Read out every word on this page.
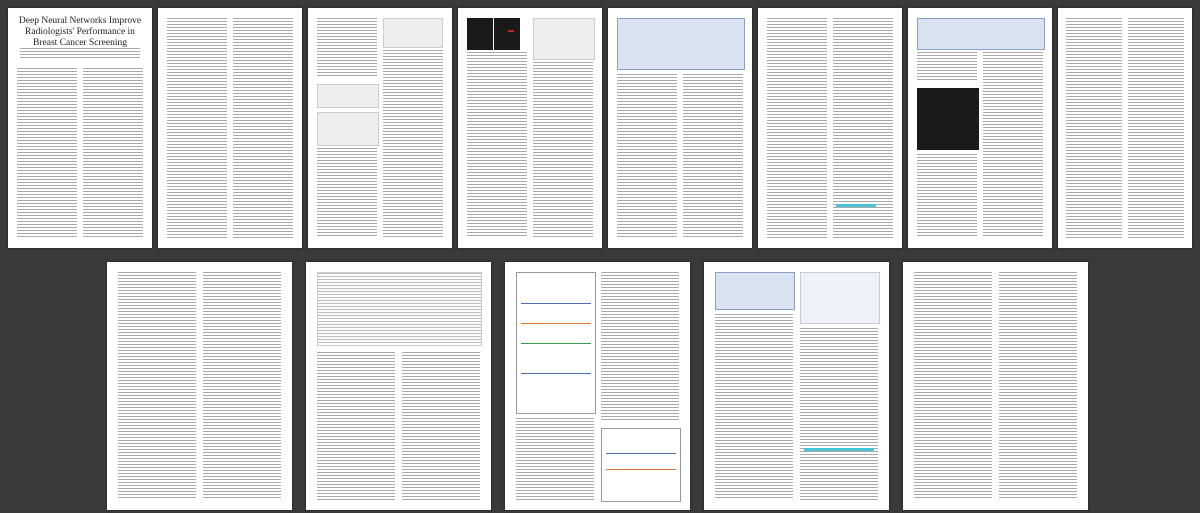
Deep Neural Networks Improve Radiologists' Performance in Breast Cancer Screening
